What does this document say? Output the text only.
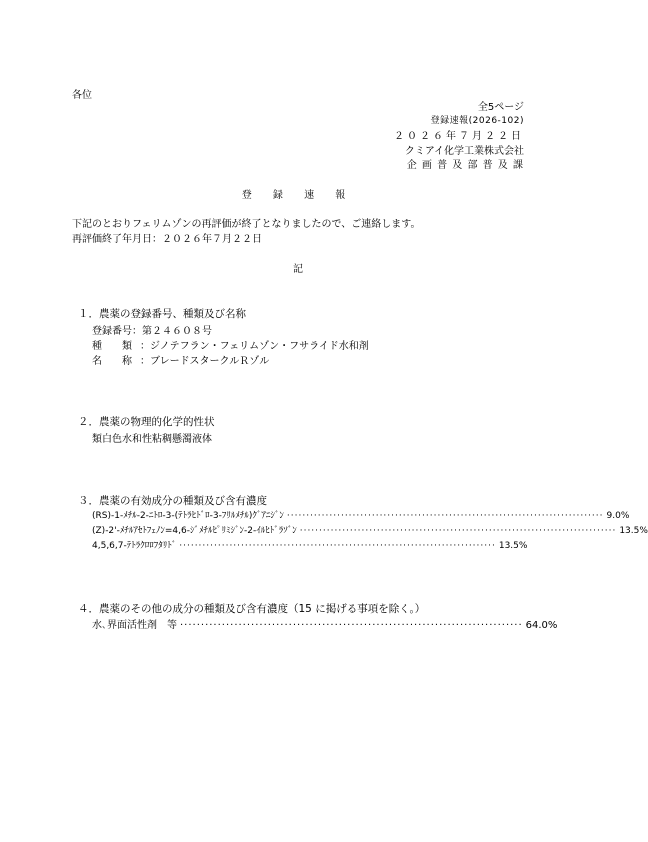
各位
全5ページ
登録速報(2026-102)
２０２６年７月２２日
クミアイ化学工業株式会社
企 画 普 及 部 普 及 課
登 録 速 報
下記のとおりフェリムゾンの再評価が終了となりましたので、ご連絡します。
再評価終了年月日：２０２６年７月２２日
記
１．農薬の登録番号、種類及び名称
登録番号：第２４６０８号
種　　類 ：ジノテフラン・フェリムゾン・フサライド水和剤
名　　称 ：ブレードスタークルＲゾル
２．農薬の物理的化学的性状
類白色水和性粘稠懸濁液体
３．農薬の有効成分の種類及び含有濃度
(RS)-1-ﾒﾁﾙ-2-ﾆﾄﾛ-3-(ﾃﾄﾗﾋﾄﾞﾛ-3-ﾌﾘﾙﾒﾁﾙ)ｸﾞｱﾆｼﾞﾝ ·················································································· 9.0%
(Z)-2'-ﾒﾁﾙｱｾﾄﾌｪﾉﾝ=4,6-ｼﾞﾒﾁﾙﾋﾟﾘﾐｼﾞﾝ-2-ｲﾙﾋﾄﾞﾗｿﾞﾝ ·················································································· 13.5%
4,5,6,7-ﾃﾄﾗｸﾛﾛﾌﾀﾘﾄﾞ ·················································································· 13.5%
４．農薬のその他の成分の種類及び含有濃度（15 に掲げる事項を除く。）
水､界面活性剤　等 ·················································································· 64.0%
